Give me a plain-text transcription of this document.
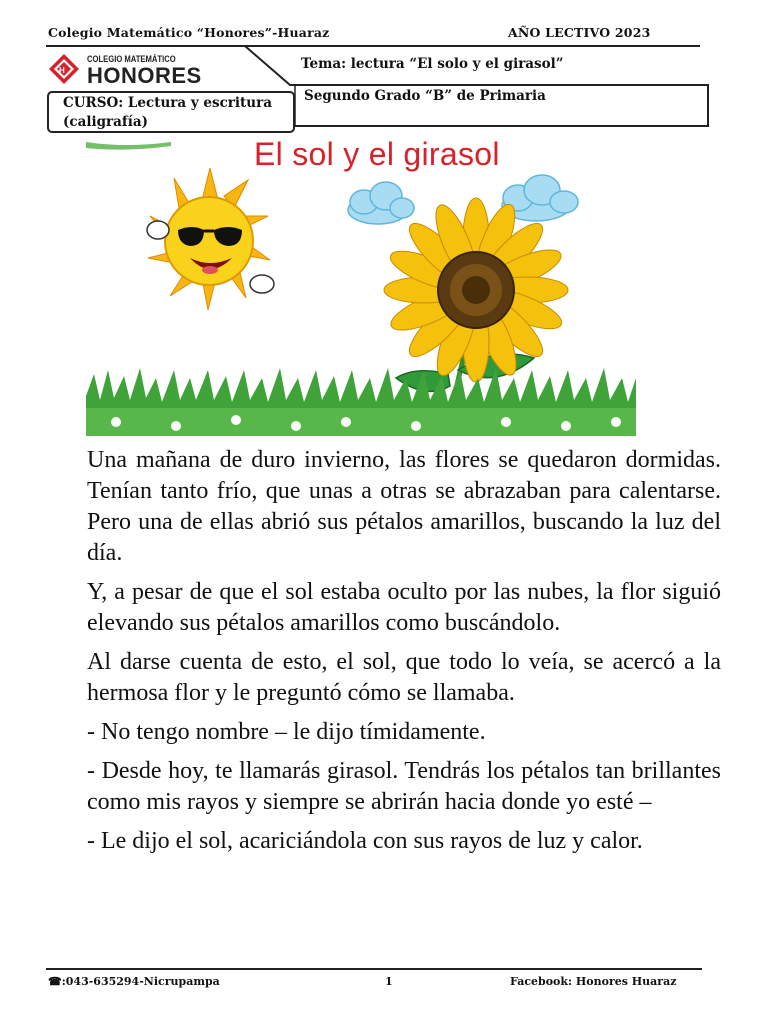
Colegio Matemático “Honores”-Huaraz	AÑO LECTIVO 2023
H
COLEGIO MATEMÁTICO
HONORES	Tema: lectura “El solo y el girasol”
Segundo Grado “B” de Primaria
CURSO: Lectura y escritura (caligrafía)
El sol y el girasol

Una mañana de duro invierno, las flores se quedaron dormidas. Tenían tanto frío, que unas a otras se abrazaban para calentarse. Pero una de ellas abrió sus pétalos amarillos, buscando la luz del día.

Y, a pesar de que el sol estaba oculto por las nubes, la flor siguió elevando sus pétalos amarillos como buscándolo.

Al darse cuenta de esto, el sol, que todo lo veía, se acercó a la hermosa flor y le preguntó cómo se llamaba.

- No tengo nombre – le dijo tímidamente.

- Desde hoy, te llamarás girasol. Tendrás los pétalos tan brillantes como mis rayos y siempre se abrirán hacia donde yo esté –

- Le dijo el sol, acariciándola con sus rayos de luz y calor.

☎:043-635294-Nicrupampa	1	Facebook: Honores Huaraz
